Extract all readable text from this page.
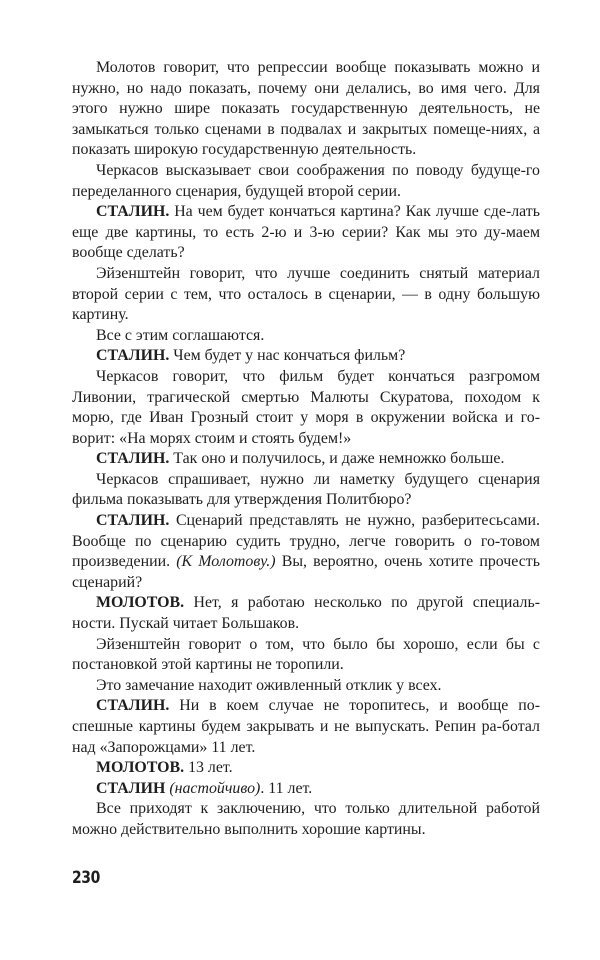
Молотов говорит, что репрессии вообще показывать можно и нужно, но надо показать, почему они делались, во имя чего. Для этого нужно шире показать государственную деятельность, не замыкаться только сценами в подвалах и закрытых помеще-ниях, а показать широкую государственную деятельность.

Черкасов высказывает свои соображения по поводу будуще-го переделанного сценария, будущей второй серии.

СТАЛИН. На чем будет кончаться картина? Как лучше сде-лать еще две картины, то есть 2-ю и 3-ю серии? Как мы это ду-маем вообще сделать?

Эйзенштейн говорит, что лучше соединить снятый материал второй серии с тем, что осталось в сценарии, — в одну большую картину.

Все с этим соглашаются.

СТАЛИН. Чем будет у нас кончаться фильм?

Черкасов говорит, что фильм будет кончаться разгромом Ливонии, трагической смертью Малюты Скуратова, походом к морю, где Иван Грозный стоит у моря в окружении войска и го-ворит: «На морях стоим и стоять будем!»

СТАЛИН. Так оно и получилось, и даже немножко больше.

Черкасов спрашивает, нужно ли наметку будущего сценария фильма показывать для утверждения Политбюро?

СТАЛИН. Сценарий представлять не нужно, разберитесьсами. Вообще по сценарию судить трудно, легче говорить о го-товом произведении. (К Молотову.) Вы, вероятно, очень хотите прочесть сценарий?

МОЛОТОВ. Нет, я работаю несколько по другой специаль-ности. Пускай читает Большаков.

Эйзенштейн говорит о том, что было бы хорошо, если бы с постановкой этой картины не торопили.

Это замечание находит оживленный отклик у всех.

СТАЛИН. Ни в коем случае не торопитесь, и вообще по-спешные картины будем закрывать и не выпускать. Репин ра-ботал над «Запорожцами» 11 лет.

МОЛОТОВ. 13 лет.

СТАЛИН (настойчиво). 11 лет.

Все приходят к заключению, что только длительной работой можно действительно выполнить хорошие картины.

230
